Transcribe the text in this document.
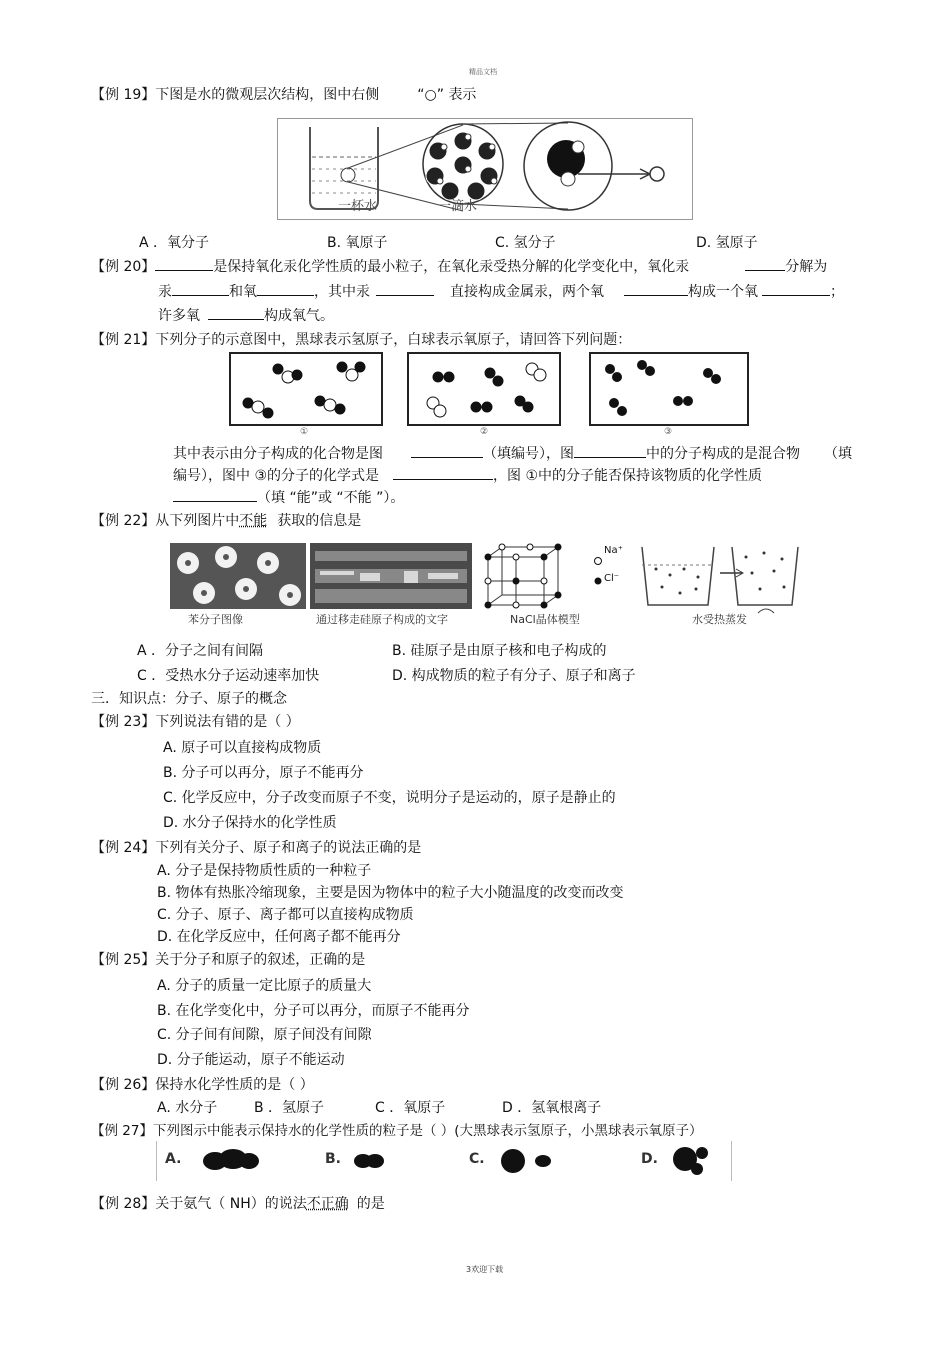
精品文档
【例 19】下图是水的微观层次结构，图中右侧	“○” 表示
一杯水	一滴水
A ．氧分子	B. 氧原子	C. 氢分子	D. 氢原子
【例 20】	是保持氧化汞化学性质的最小粒子，在氧化汞受热分解的化学变化中，氧化汞	分解为
汞	和氧	，其中汞	直接构成金属汞，两个氧	构成一个氧	；
许多氧	构成氧气。
【例 21】下列分子的示意图中，黑球表示氢原子，白球表示氧原子，请回答下列问题：
①	②	③
其中表示由分子构成的化合物是图	（填编号），图	中的分子构成的是混合物 （填
编号），图中 ③的分子的化学式是	，图 ①中的分子能否保持该物质的化学性质
（填 “能”或 “不能 ”）。
【例 22】从下列图片中不能 获取的信息是
Na⁺
Cl⁻
苯分子图像	通过移走硅原子构成的文字	NaCl晶体模型	水受热蒸发
A ．分子之间有间隔	B. 硅原子是由原子核和电子构成的
C ．受热水分子运动速率加快	D. 构成物质的粒子有分子、原子和离子
三．知识点：分子、原子的概念
【例 23】下列说法有错的是（ ）
A. 原子可以直接构成物质
B. 分子可以再分，原子不能再分
C. 化学反应中，分子改变而原子不变，说明分子是运动的，原子是静止的
D. 水分子保持水的化学性质
【例 24】下列有关分子、原子和离子的说法正确的是
A. 分子是保持物质性质的一种粒子
B. 物体有热胀冷缩现象，主要是因为物体中的粒子大小随温度的改变而改变
C. 分子、原子、离子都可以直接构成物质
D. 在化学反应中，任何离子都不能再分
【例 25】关于分子和原子的叙述，正确的是
A. 分子的质量一定比原子的质量大
B. 在化学变化中，分子可以再分，而原子不能再分
C. 分子间有间隙，原子间没有间隙
D. 分子能运动，原子不能运动
【例 26】保持水化学性质的是（ ）
A. 水分子	B ．氢原子	C ．氧原子	D ．氢氧根离子
【例 27】下列图示中能表示保持水的化学性质的粒子是（ ）(大黑球表示氢原子，小黑球表示氧原子）
A.	B.	C.	D.
【例 28】关于氨气（ NH）的说法不正确 的是
3欢迎下载
